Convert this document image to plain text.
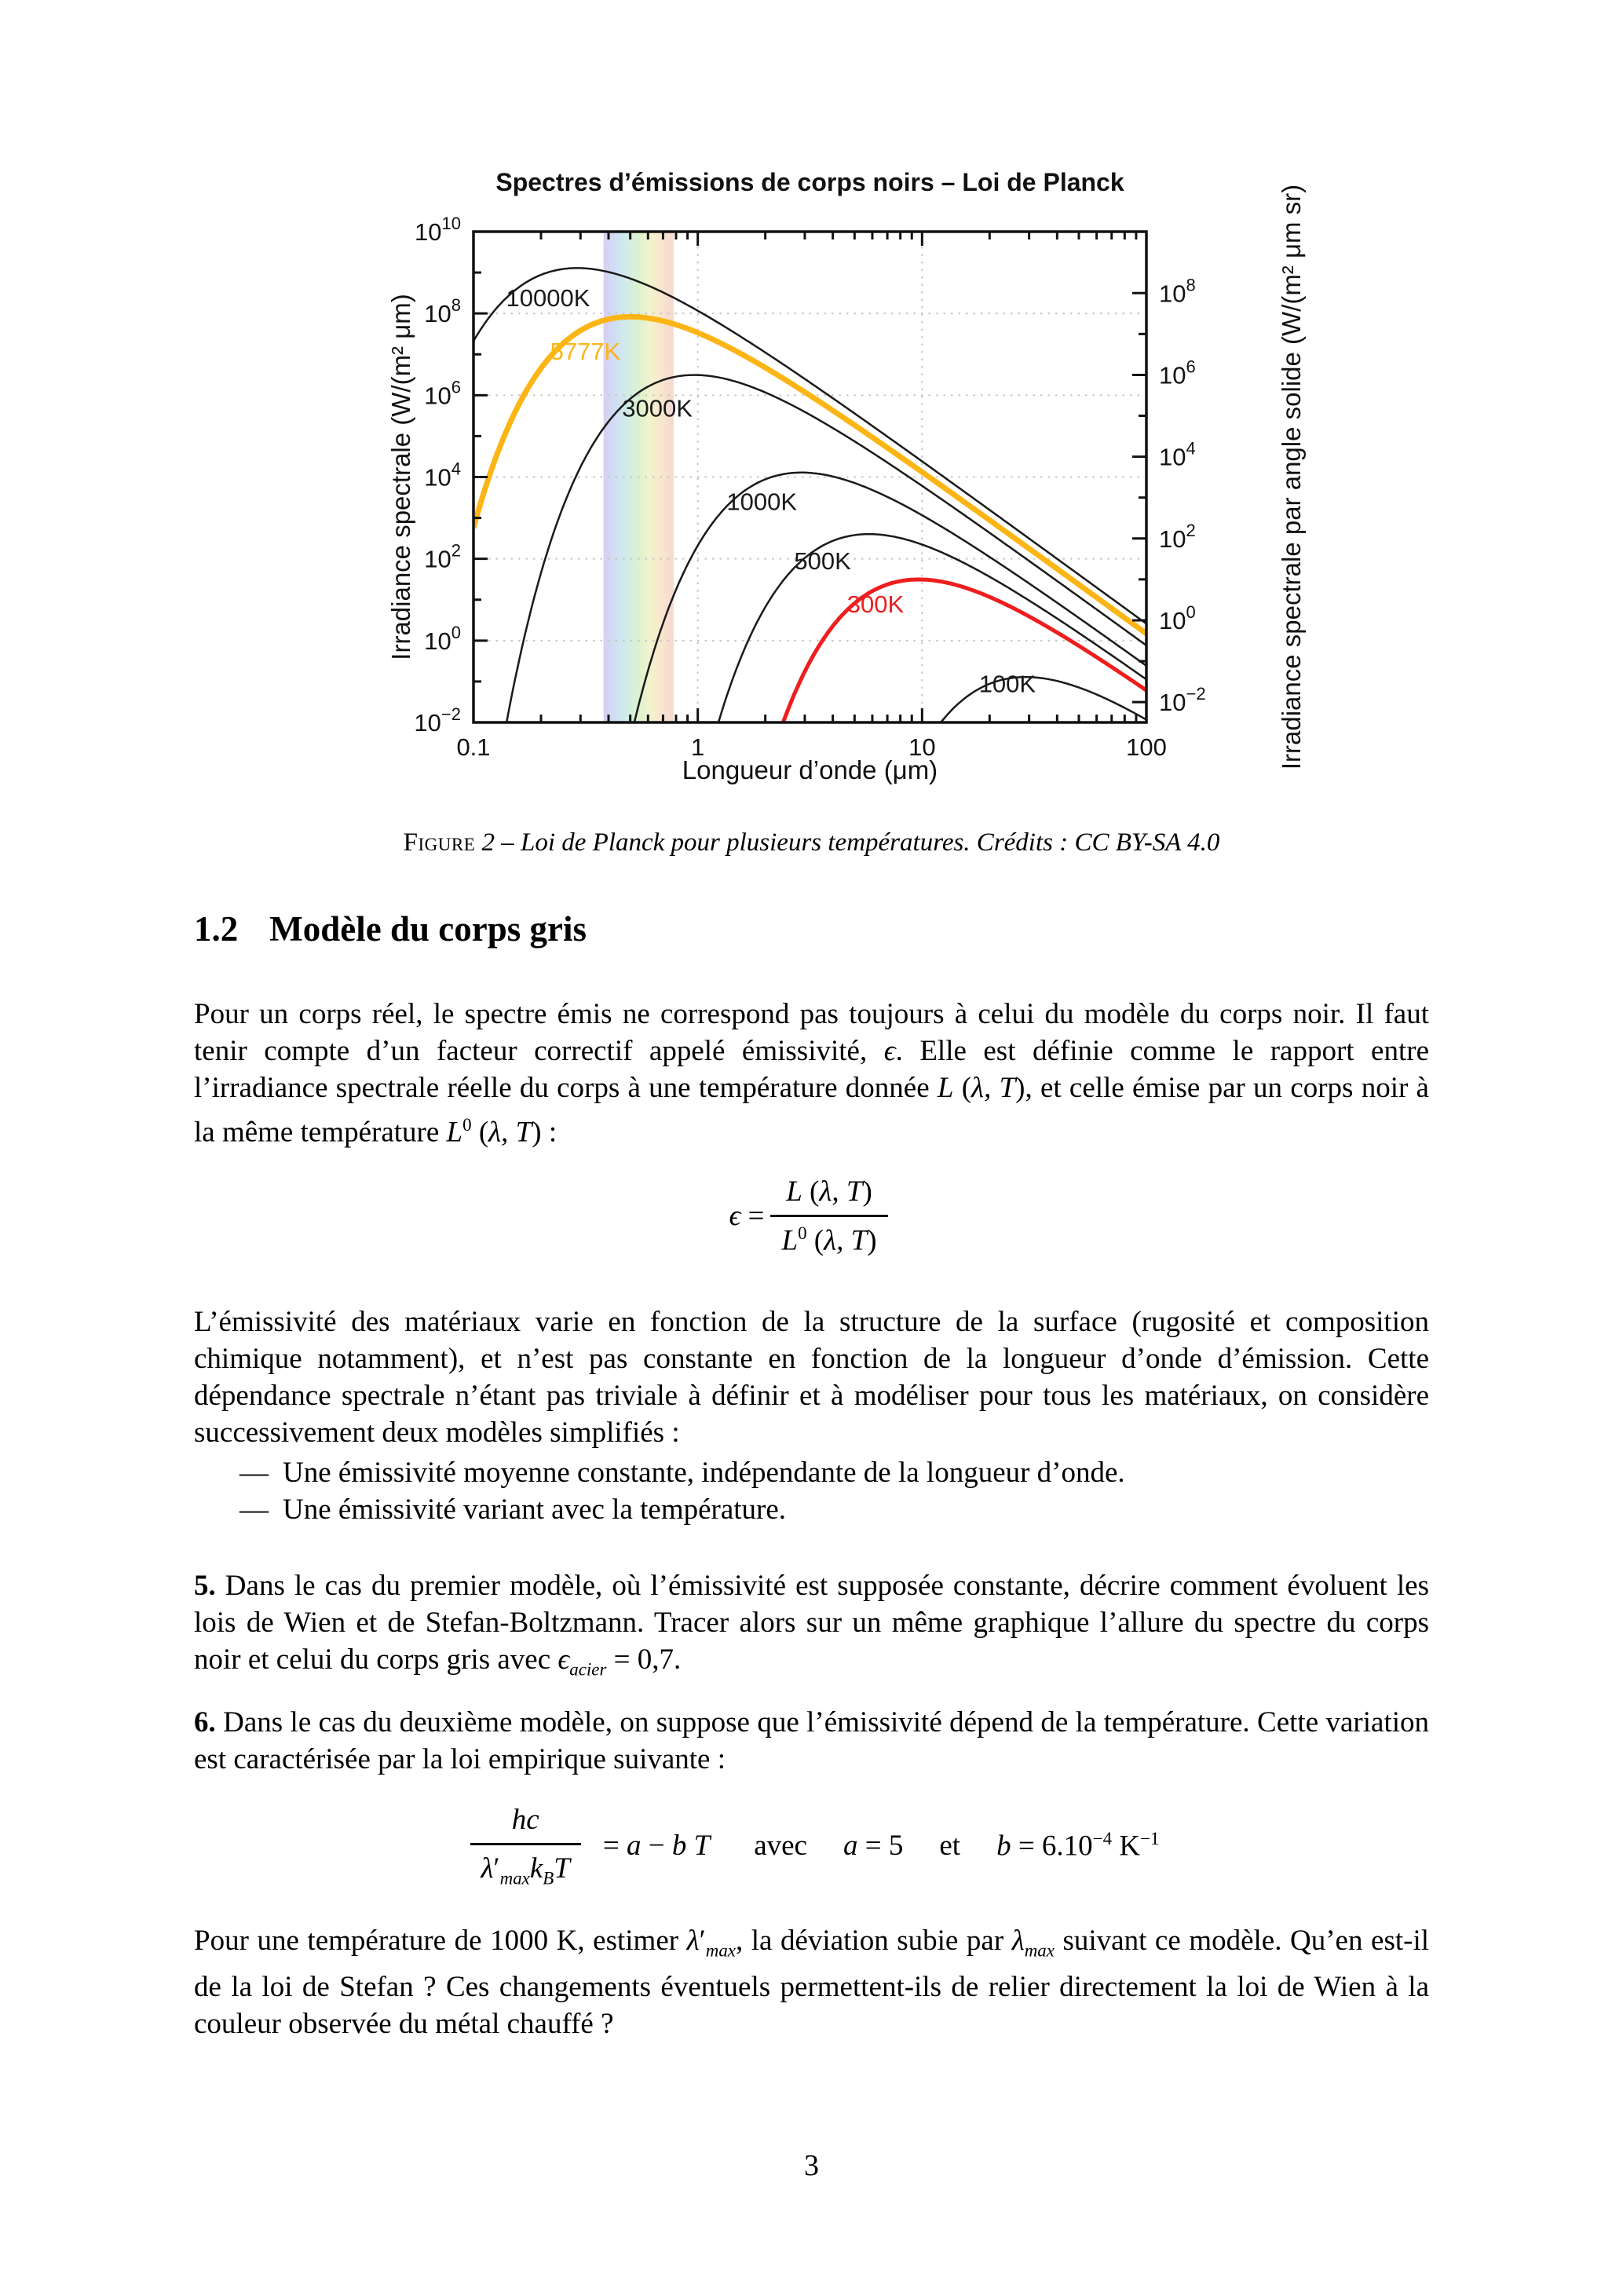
10000K
5777K
3000K
1000K
500K
300K
100K
0.1	1	10	100
$10^{10}$
$10^8$
$10^6$
$10^4$
$10^2$
$10^0$
$10^{-2}$
$10^8$
$10^6$
$10^4$
$10^2$
$10^0$
$10^{-2}$
Spectres d’émissions de corps noirs – Loi de Planck
Longueur d’onde (μm)
Irradiance spectrale (W/(m² μm)	Irradiance spectrale par angle solide (W/(m² μm sr)
Figure 2 – Loi de Planck pour plusieurs températures. Crédits : CC BY-SA 4.0
1.2 Modèle du corps gris

Pour un corps réel, le spectre émis ne correspond pas toujours à celui du modèle du corps noir. Il faut tenir compte d’un facteur correctif appelé émissivité, ϵ. Elle est définie comme le rapport entre l’irradiance spectrale réelle du corps à une température donnée L (λ, T), et celle émise par un corps noir à la même température $L^0$ (λ, T) :

$\epsilon = \frac{L (\lambda, T)}{L^0 (\lambda, T)}$

L’émissivité des matériaux varie en fonction de la structure de la surface (rugosité et composition chimique notamment), et n’est pas constante en fonction de la longueur d’onde d’émission. Cette dépendance spectrale n’étant pas triviale à définir et à modéliser pour tous les matériaux, on considère successivement deux modèles simplifiés :

— Une émissivité moyenne constante, indépendante de la longueur d’onde.
— Une émissivité variant avec la température.

5. Dans le cas du premier modèle, où l’émissivité est supposée constante, décrire comment évoluent les lois de Wien et de Stefan-Boltzmann. Tracer alors sur un même graphique l’allure du spectre du corps noir et celui du corps gris avec $\epsilon_{acier} = 0,7$.

6. Dans le cas du deuxième modèle, on suppose que l’émissivité dépend de la température. Cette variation est caractérisée par la loi empirique suivante :

$\frac{hc}{\lambda'_{max}k_BT} = a - b$ T avec a = 5 et $b = 6.10^{-4}$ $K^{-1}$

Pour une température de 1000 K, estimer $\lambda'_{max}$, la déviation subie par $\lambda_{max}$ suivant ce modèle. Qu’en est-il de la loi de Stefan ? Ces changements éventuels permettent-ils de relier directement la loi de Wien à la couleur observée du métal chauffé ?

3
